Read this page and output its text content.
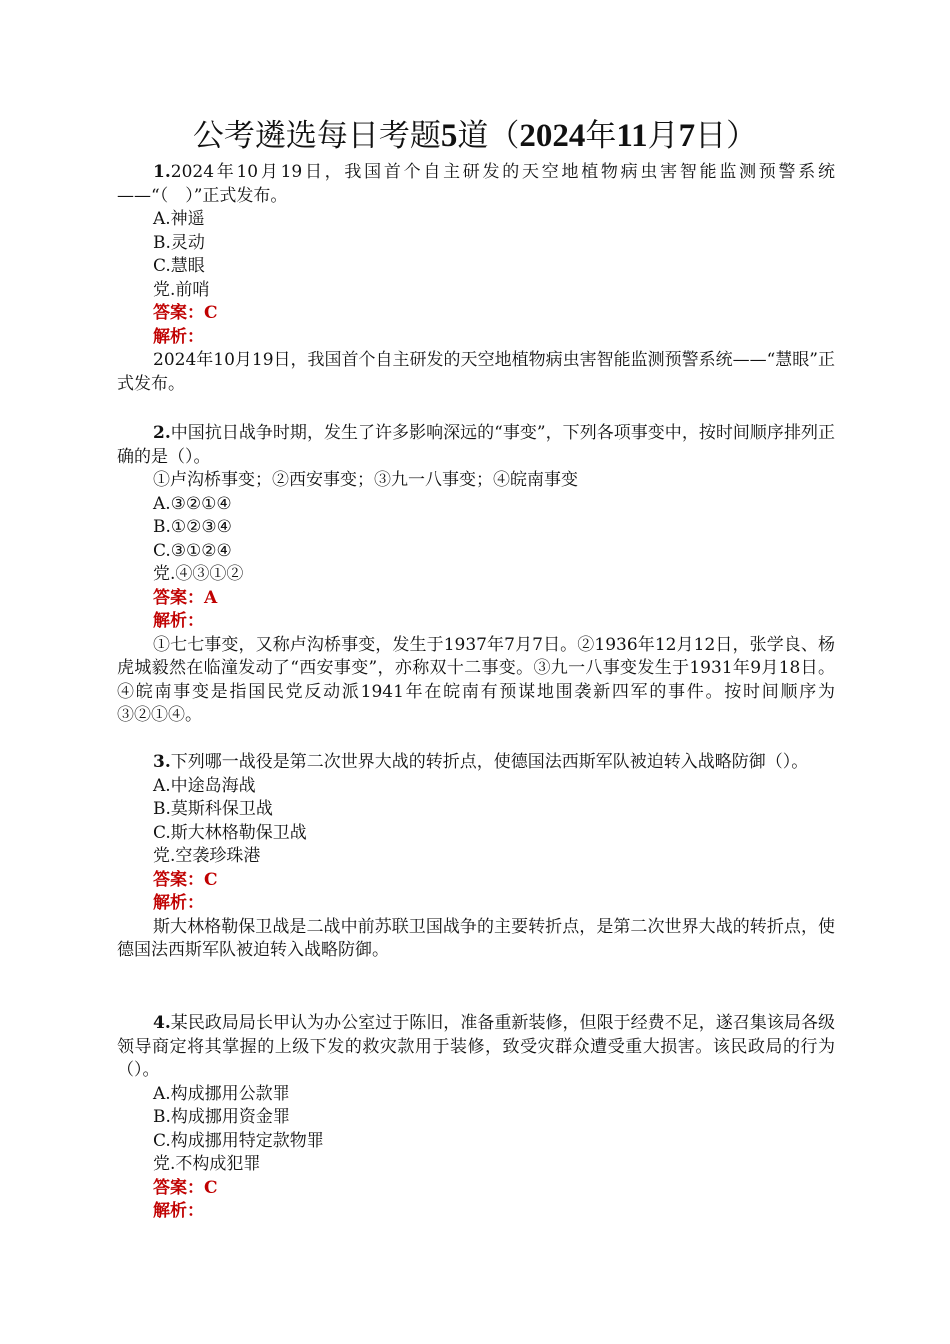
公考遴选每日考题5道（2024年11月7日）
1.2024年10月19日，我国首个自主研发的天空地植物病虫害智能监测预警系统——“（　）”正式发布。
A.神遥
B.灵动
C.慧眼
党.前哨
答案：C
解析：
2024年10月19日，我国首个自主研发的天空地植物病虫害智能监测预警系统——“慧眼”正式发布。
2.中国抗日战争时期，发生了许多影响深远的“事变”，下列各项事变中，按时间顺序排列正确的是（）。
①卢沟桥事变；②西安事变；③九一八事变；④皖南事变
A.③②①④
B.①②③④
C.③①②④
党.④③①②
答案：A
解析：
①七七事变，又称卢沟桥事变，发生于1937年7月7日。②1936年12月12日，张学良、杨虎城毅然在临潼发动了“西安事变”，亦称双十二事变。③九一八事变发生于1931年9月18日。④皖南事变是指国民党反动派1941年在皖南有预谋地围袭新四军的事件。按时间顺序为③②①④。
3.下列哪一战役是第二次世界大战的转折点，使德国法西斯军队被迫转入战略防御（）。
A.中途岛海战
B.莫斯科保卫战
C.斯大林格勒保卫战
党.空袭珍珠港
答案：C
解析：
斯大林格勒保卫战是二战中前苏联卫国战争的主要转折点，是第二次世界大战的转折点，使德国法西斯军队被迫转入战略防御。
4.某民政局局长甲认为办公室过于陈旧，准备重新装修，但限于经费不足，遂召集该局各级领导商定将其掌握的上级下发的救灾款用于装修，致受灾群众遭受重大损害。该民政局的行为（）。
A.构成挪用公款罪
B.构成挪用资金罪
C.构成挪用特定款物罪
党.不构成犯罪
答案：C
解析：
